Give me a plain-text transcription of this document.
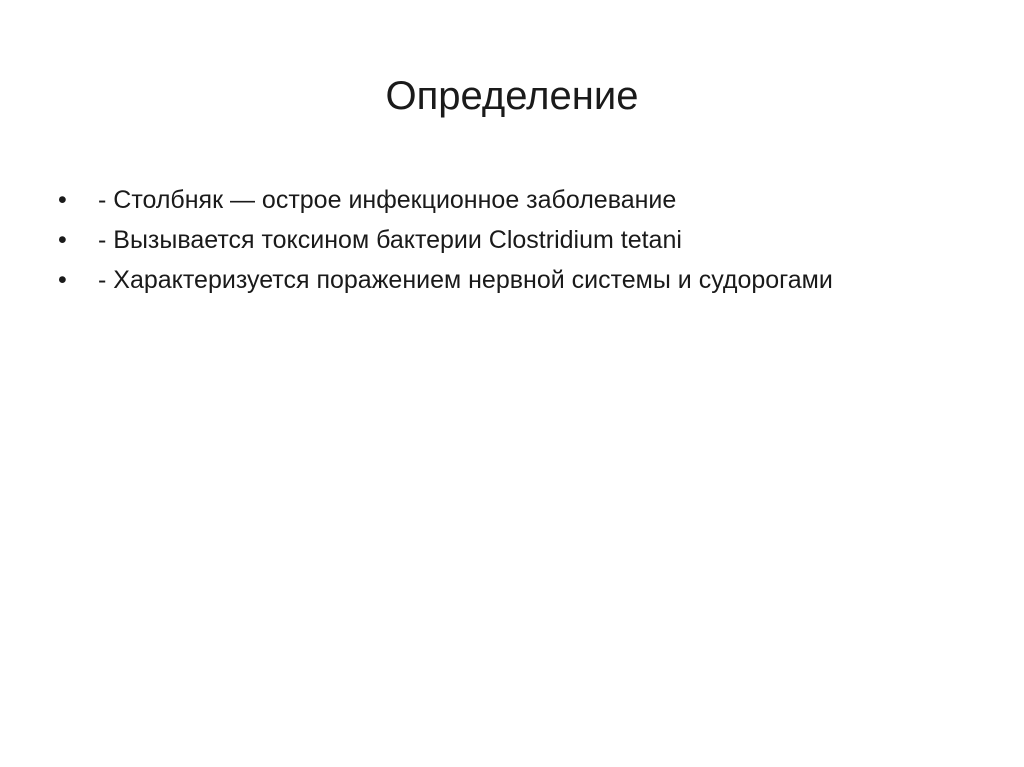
Определение
•	- Столбняк — острое инфекционное заболевание
•	- Вызывается токсином бактерии Clostridium tetani
•	- Характеризуется поражением нервной системы и судорогами
